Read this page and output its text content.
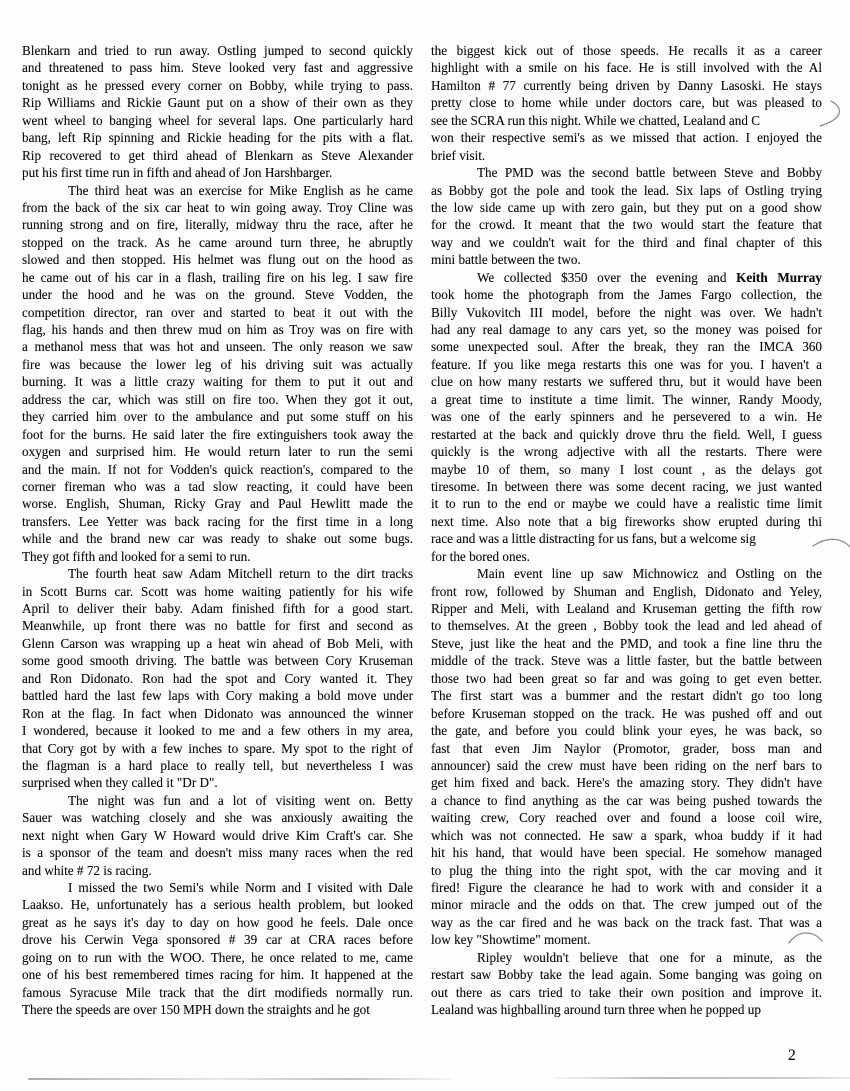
Blenkarn and tried to run away. Ostling jumped to second quickly
and threatened to pass him. Steve looked very fast and aggressive
tonight as he pressed every corner on Bobby, while trying to pass.
Rip Williams and Rickie Gaunt put on a show of their own as they
went wheel to banging wheel for several laps. One particularly hard
bang, left Rip spinning and Rickie heading for the pits with a flat.
Rip recovered to get third ahead of Blenkarn as Steve Alexander
put his first time run in fifth and ahead of Jon Harshbarger.
The third heat was an exercise for Mike English as he came
from the back of the six car heat to win going away. Troy Cline was
running strong and on fire, literally, midway thru the race, after he
stopped on the track. As he came around turn three, he abruptly
slowed and then stopped. His helmet was flung out on the hood as
he came out of his car in a flash, trailing fire on his leg. I saw fire
under the hood and he was on the ground. Steve Vodden, the
competition director, ran over and started to beat it out with the
flag, his hands and then threw mud on him as Troy was on fire with
a methanol mess that was hot and unseen. The only reason we saw
fire was because the lower leg of his driving suit was actually
burning. It was a little crazy waiting for them to put it out and
address the car, which was still on fire too. When they got it out,
they carried him over to the ambulance and put some stuff on his
foot for the burns. He said later the fire extinguishers took away the
oxygen and surprised him. He would return later to run the semi
and the main. If not for Vodden's quick reaction's, compared to the
corner fireman who was a tad slow reacting, it could have been
worse. English, Shuman, Ricky Gray and Paul Hewlitt made the
transfers. Lee Yetter was back racing for the first time in a long
while and the brand new car was ready to shake out some bugs.
They got fifth and looked for a semi to run.
The fourth heat saw Adam Mitchell return to the dirt tracks
in Scott Burns car. Scott was home waiting patiently for his wife
April to deliver their baby. Adam finished fifth for a good start.
Meanwhile, up front there was no battle for first and second as
Glenn Carson was wrapping up a heat win ahead of Bob Meli, with
some good smooth driving. The battle was between Cory Kruseman
and Ron Didonato. Ron had the spot and Cory wanted it. They
battled hard the last few laps with Cory making a bold move under
Ron at the flag. In fact when Didonato was announced the winner
I wondered, because it looked to me and a few others in my area,
that Cory got by with a few inches to spare. My spot to the right of
the flagman is a hard place to really tell, but nevertheless I was
surprised when they called it "Dr D".
The night was fun and a lot of visiting went on. Betty
Sauer was watching closely and she was anxiously awaiting the
next night when Gary W Howard would drive Kim Craft's car. She
is a sponsor of the team and doesn't miss many races when the red
and white # 72 is racing.
I missed the two Semi's while Norm and I visited with Dale
Laakso. He, unfortunately has a serious health problem, but looked
great as he says it's day to day on how good he feels. Dale once
drove his Cerwin Vega sponsored # 39 car at CRA races before
going on to run with the WOO. There, he once related to me, came
one of his best remembered times racing for him. It happened at the
famous Syracuse Mile track that the dirt modifieds normally run.
There the speeds are over 150 MPH down the straights and he got
the biggest kick out of those speeds. He recalls it as a career
highlight with a smile on his face. He is still involved with the Al
Hamilton # 77 currently being driven by Danny Lasoski. He stays
pretty close to home while under doctors care, but was pleased to
see the SCRA run this night. While we chatted, Lealand and C
won their respective semi's as we missed that action. I enjoyed the
brief visit.
The PMD was the second battle between Steve and Bobby
as Bobby got the pole and took the lead. Six laps of Ostling trying
the low side came up with zero gain, but they put on a good show
for the crowd. It meant that the two would start the feature that
way and we couldn't wait for the third and final chapter of this
mini battle between the two.
We collected $350 over the evening and Keith Murray
took home the photograph from the James Fargo collection, the
Billy Vukovitch III model, before the night was over. We hadn't
had any real damage to any cars yet, so the money was poised for
some unexpected soul. After the break, they ran the IMCA 360
feature. If you like mega restarts this one was for you. I haven't a
clue on how many restarts we suffered thru, but it would have been
a great time to institute a time limit. The winner, Randy Moody,
was one of the early spinners and he persevered to a win. He
restarted at the back and quickly drove thru the field. Well, I guess
quickly is the wrong adjective with all the restarts. There were
maybe 10 of them, so many I lost count , as the delays got
tiresome. In between there was some decent racing, we just wanted
it to run to the end or maybe we could have a realistic time limit
next time. Also note that a big fireworks show erupted during thi
race and was a little distracting for us fans, but a welcome sig
for the bored ones.
Main event line up saw Michnowicz and Ostling on the
front row, followed by Shuman and English, Didonato and Yeley,
Ripper and Meli, with Lealand and Kruseman getting the fifth row
to themselves. At the green , Bobby took the lead and led ahead of
Steve, just like the heat and the PMD, and took a fine line thru the
middle of the track. Steve was a little faster, but the battle between
those two had been great so far and was going to get even better.
The first start was a bummer and the restart didn't go too long
before Kruseman stopped on the track. He was pushed off and out
the gate, and before you could blink your eyes, he was back, so
fast that even Jim Naylor (Promotor, grader, boss man and
announcer) said the crew must have been riding on the nerf bars to
get him fixed and back. Here's the amazing story. They didn't have
a chance to find anything as the car was being pushed towards the
waiting crew, Cory reached over and found a loose coil wire,
which was not connected. He saw a spark, whoa buddy if it had
hit his hand, that would have been special. He somehow managed
to plug the thing into the right spot, with the car moving and it
fired! Figure the clearance he had to work with and consider it a
minor miracle and the odds on that. The crew jumped out of the
way as the car fired and he was back on the track fast. That was a
low key "Showtime" moment.
Ripley wouldn't believe that one for a minute, as the
restart saw Bobby take the lead again. Some banging was going on
out there as cars tried to take their own position and improve it.
Lealand was highballing around turn three when he popped up
2
